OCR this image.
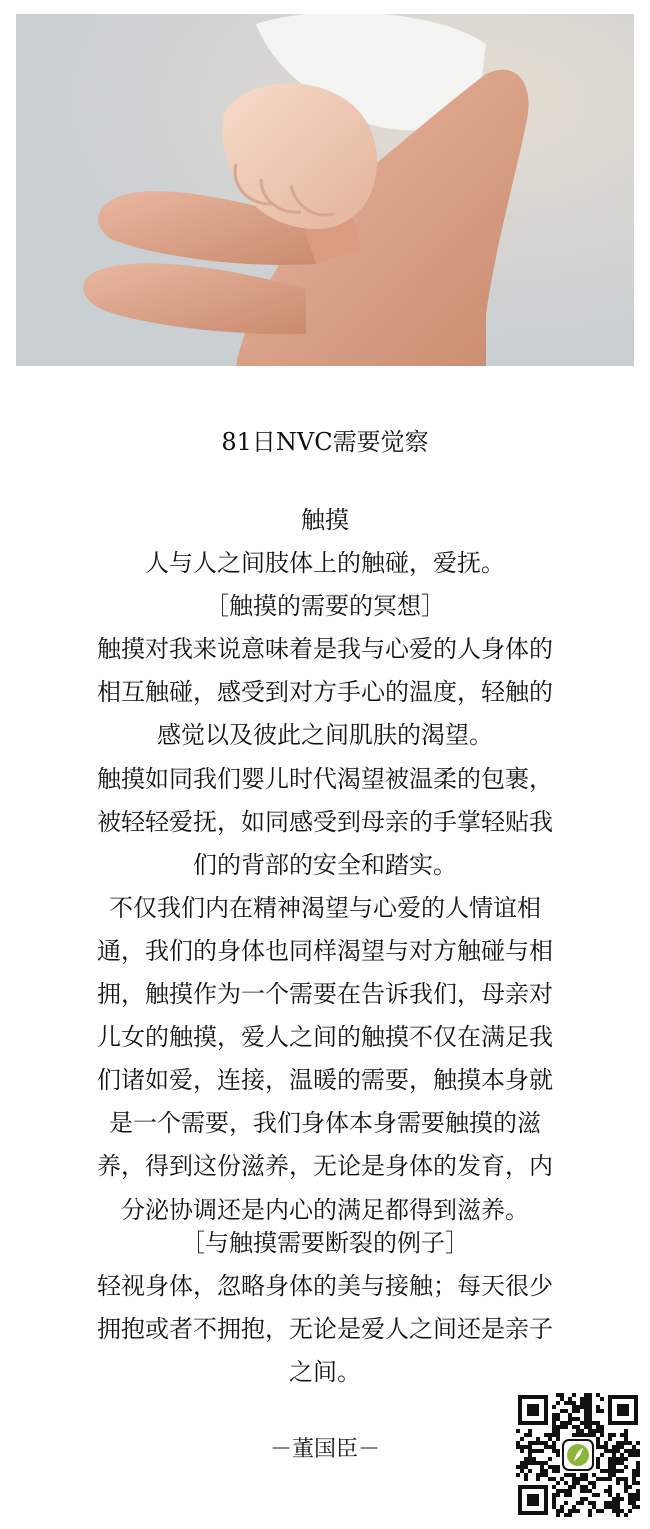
81日NVC需要觉察
触摸
人与人之间肢体上的触碰，爱抚。
［触摸的需要的冥想］
触摸对我来说意味着是我与心爱的人身体的
相互触碰，感受到对方手心的温度，轻触的
感觉以及彼此之间肌肤的渴望。
触摸如同我们婴儿时代渴望被温柔的包裹，
被轻轻爱抚，如同感受到母亲的手掌轻贴我
们的背部的安全和踏实。
不仅我们内在精神渴望与心爱的人情谊相
通，我们的身体也同样渴望与对方触碰与相
拥，触摸作为一个需要在告诉我们，母亲对
儿女的触摸，爱人之间的触摸不仅在满足我
们诸如爱，连接，温暖的需要，触摸本身就
是一个需要，我们身体本身需要触摸的滋
养，得到这份滋养，无论是身体的发育，内
分泌协调还是内心的满足都得到滋养。
［与触摸需要断裂的例子］
轻视身体，忽略身体的美与接触；每天很少
拥抱或者不拥抱，无论是爱人之间还是亲子
之间。
－董国臣－
